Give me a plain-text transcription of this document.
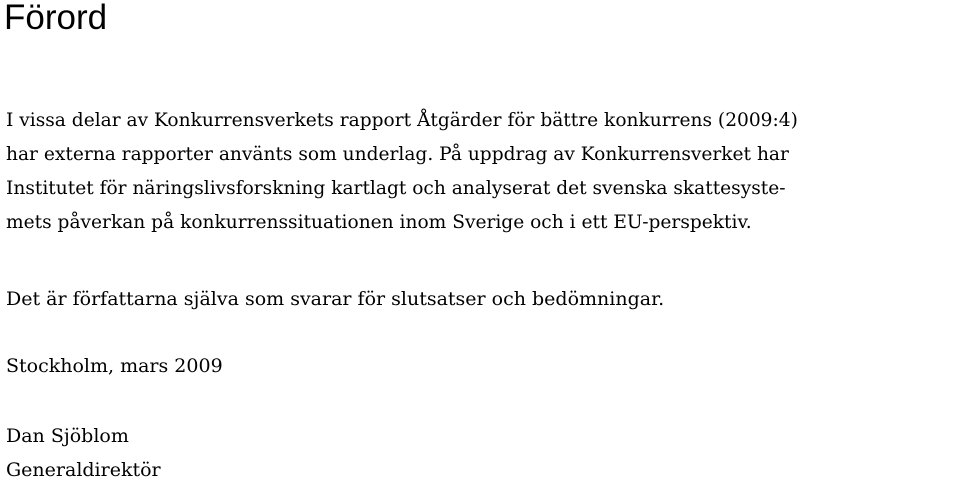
Förord

I vissa delar av Konkurrensverkets rapport Åtgärder för bättre konkurrens (2009:4)
har externa rapporter använts som underlag. På uppdrag av Konkurrensverket har
Institutet för näringslivsforskning kartlagt och analyserat det svenska skattesyste-
mets påverkan på konkurrenssituationen inom Sverige och i ett EU-perspektiv.

Det är författarna själva som svarar för slutsatser och bedömningar.

Stockholm, mars 2009

Dan Sjöblom
Generaldirektör
